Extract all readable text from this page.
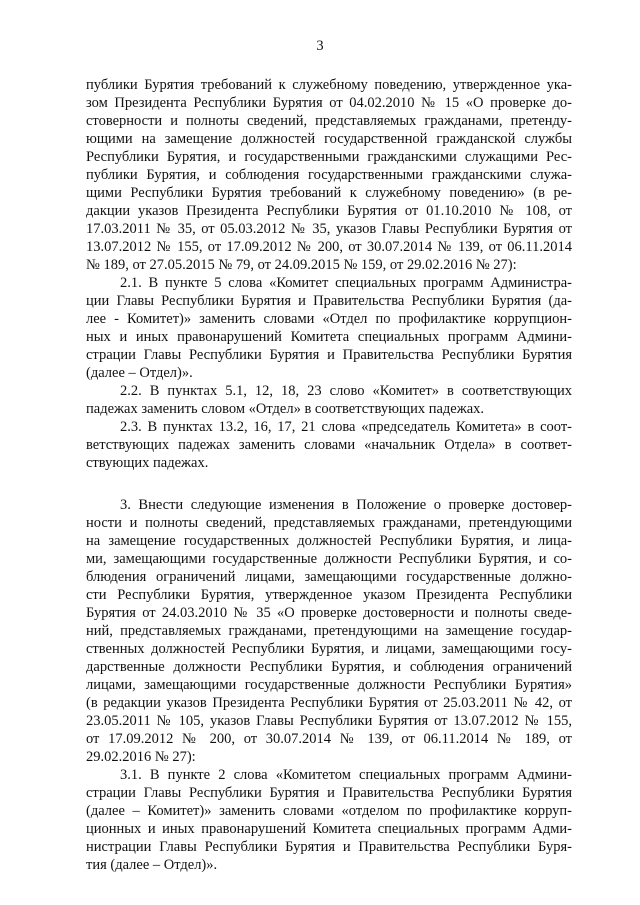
3
публики Бурятия требований к служебному поведению, утвержденное ука-
зом Президента Республики Бурятия от 04.02.2010 № 15 «О проверке до-
стоверности и полноты сведений, представляемых гражданами, претенду-
ющими на замещение должностей государственной гражданской службы
Республики Бурятия, и государственными гражданскими служащими Рес-
публики Бурятия, и соблюдения государственными гражданскими служа-
щими Республики Бурятия требований к служебному поведению» (в ре-
дакции указов Президента Республики Бурятия от 01.10.2010 № 108, от
17.03.2011 № 35, от 05.03.2012 № 35, указов Главы Республики Бурятия от
13.07.2012 № 155, от 17.09.2012 № 200, от 30.07.2014 № 139, от 06.11.2014
№ 189, от 27.05.2015 № 79, от 24.09.2015 № 159, от 29.02.2016 № 27):
2.1. В пункте 5 слова «Комитет специальных программ Администра-
ции Главы Республики Бурятия и Правительства Республики Бурятия (да-
лее - Комитет)» заменить словами «Отдел по профилактике коррупцион-
ных и иных правонарушений Комитета специальных программ Админи-
страции Главы Республики Бурятия и Правительства Республики Бурятия
(далее – Отдел)».
2.2. В пунктах 5.1, 12, 18, 23 слово «Комитет» в соответствующих
падежах заменить словом «Отдел» в соответствующих падежах.
2.3. В пунктах 13.2, 16, 17, 21 слова «председатель Комитета» в соот-
ветствующих падежах заменить словами «начальник Отдела» в соответ-
ствующих падежах.
3. Внести следующие изменения в Положение о проверке достовер-
ности и полноты сведений, представляемых гражданами, претендующими
на замещение государственных должностей Республики Бурятия, и лица-
ми, замещающими государственные должности Республики Бурятия, и со-
блюдения ограничений лицами, замещающими государственные должно-
сти Республики Бурятия, утвержденное указом Президента Республики
Бурятия от 24.03.2010 № 35 «О проверке достоверности и полноты сведе-
ний, представляемых гражданами, претендующими на замещение государ-
ственных должностей Республики Бурятия, и лицами, замещающими госу-
дарственные должности Республики Бурятия, и соблюдения ограничений
лицами, замещающими государственные должности Республики Бурятия»
(в редакции указов Президента Республики Бурятия от 25.03.2011 № 42, от
23.05.2011 № 105, указов Главы Республики Бурятия от 13.07.2012 № 155,
от 17.09.2012 № 200, от 30.07.2014 № 139, от 06.11.2014 № 189, от
29.02.2016 № 27):
3.1. В пункте 2 слова «Комитетом специальных программ Админи-
страции Главы Республики Бурятия и Правительства Республики Бурятия
(далее – Комитет)» заменить словами «отделом по профилактике корруп-
ционных и иных правонарушений Комитета специальных программ Адми-
нистрации Главы Республики Бурятия и Правительства Республики Буря-
тия (далее – Отдел)».
